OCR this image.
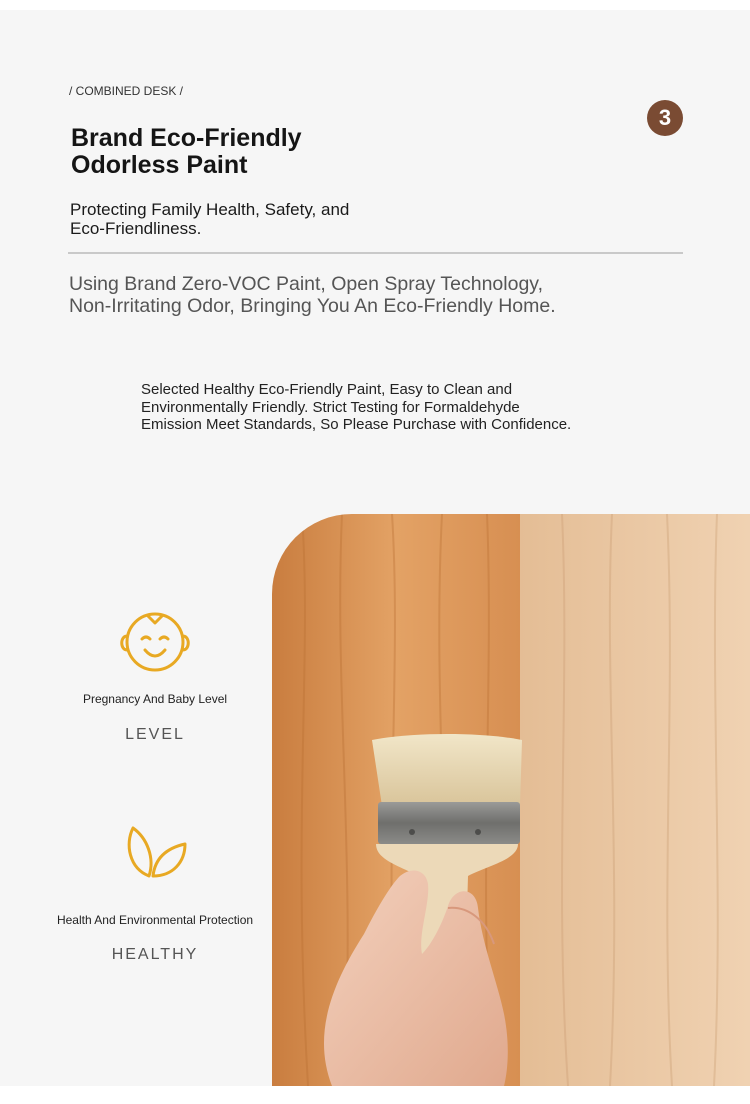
/ COMBINED DESK /
Brand Eco-Friendly
Odorless Paint
3
Protecting Family Health, Safety, and
Eco-Friendliness.
Using Brand Zero-VOC Paint, Open Spray Technology,
Non-Irritating Odor, Bringing You An Eco-Friendly Home.
Selected Healthy Eco-Friendly Paint, Easy to Clean and
Environmentally Friendly. Strict Testing for Formaldehyde
Emission Meet Standards, So Please Purchase with Confidence.
Pregnancy And Baby Level
LEVEL
Health And Environmental Protection
HEALTHY
